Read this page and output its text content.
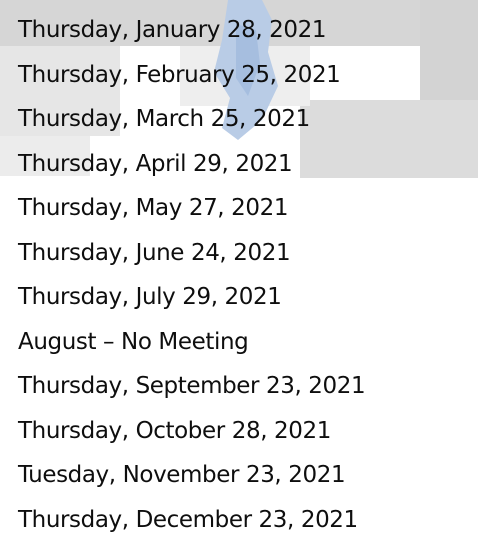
Thursday, January 28, 2021
Thursday, February 25, 2021
Thursday, March 25, 2021
Thursday, April 29, 2021
Thursday, May 27, 2021
Thursday, June 24, 2021
Thursday, July 29, 2021
August – No Meeting
Thursday, September 23, 2021
Thursday, October 28, 2021
Tuesday, November 23, 2021
Thursday, December 23, 2021
